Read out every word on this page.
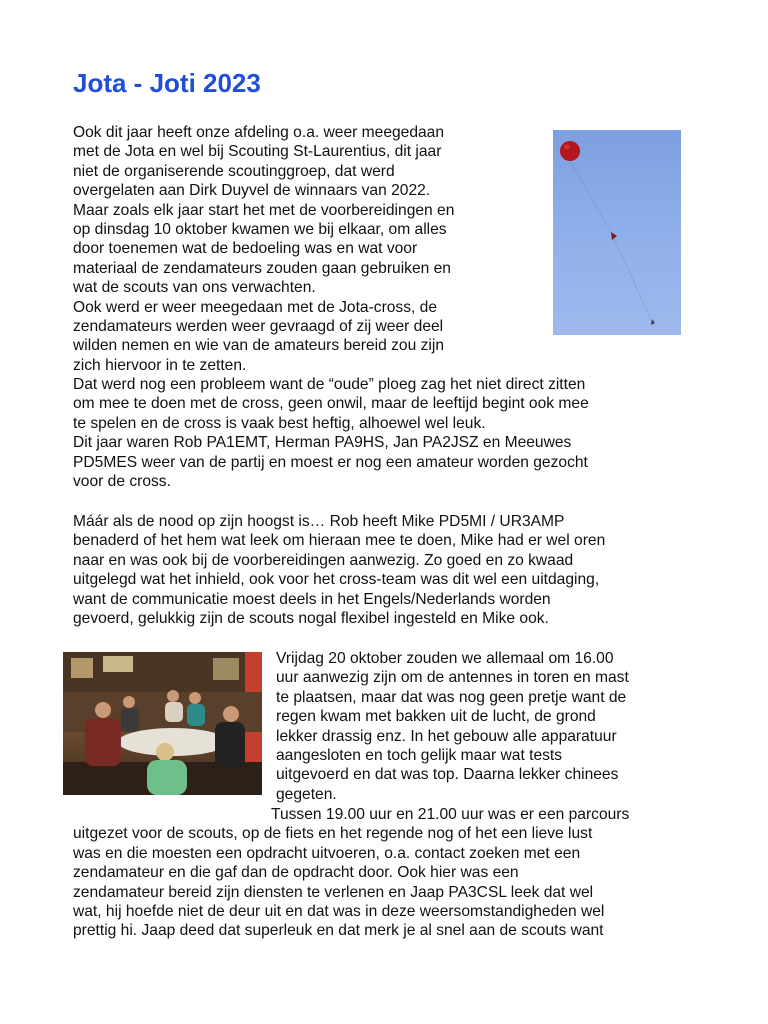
Jota - Joti 2023
Ook dit jaar heeft onze afdeling o.a. weer meegedaan
met de Jota en wel bij Scouting St-Laurentius, dit jaar
niet de organiserende scoutinggroep, dat werd
overgelaten aan Dirk Duyvel de winnaars van 2022.
Maar zoals elk jaar start het met de voorbereidingen en
op dinsdag 10 oktober kwamen we bij elkaar, om alles
door toenemen wat de bedoeling was en wat voor
materiaal de zendamateurs zouden gaan gebruiken en
wat de scouts van ons verwachten.
Ook werd er weer meegedaan met de Jota-cross, de
zendamateurs werden weer gevraagd of zij weer deel
wilden nemen en wie van de amateurs bereid zou zijn
zich hiervoor in te zetten.
Dat werd nog een probleem want de “oude” ploeg zag het niet direct zitten
om mee te doen met de cross, geen onwil, maar de leeftijd begint ook mee
te spelen en de cross is vaak best heftig, alhoewel wel leuk.
Dit jaar waren Rob PA1EMT, Herman PA9HS, Jan PA2JSZ en Meeuwes
PD5MES weer van de partij en moest er nog een amateur worden gezocht
voor de cross.
Máár als de nood op zijn hoogst is… Rob heeft Mike PD5MI / UR3AMP
benaderd of het hem wat leek om hieraan mee te doen, Mike had er wel oren
naar en was ook bij de voorbereidingen aanwezig. Zo goed en zo kwaad
uitgelegd wat het inhield, ook voor het cross-team was dit wel een uitdaging,
want de communicatie moest deels in het Engels/Nederlands worden
gevoerd, gelukkig zijn de scouts nogal flexibel ingesteld en Mike ook.
Vrijdag 20 oktober zouden we allemaal om 16.00
uur aanwezig zijn om de antennes in toren en mast
te plaatsen, maar dat was nog geen pretje want de
regen kwam met bakken uit de lucht, de grond
lekker drassig enz. In het gebouw alle apparatuur
aangesloten en toch gelijk maar wat tests
uitgevoerd en dat was top. Daarna lekker chinees
gegeten.
Tussen 19.00 uur en 21.00 uur was er een parcours
uitgezet voor de scouts, op de fiets en het regende nog of het een lieve lust
was en die moesten een opdracht uitvoeren, o.a. contact zoeken met een
zendamateur en die gaf dan de opdracht door. Ook hier was een
zendamateur bereid zijn diensten te verlenen en Jaap PA3CSL leek dat wel
wat, hij hoefde niet de deur uit en dat was in deze weersomstandigheden wel
prettig hi. Jaap deed dat superleuk en dat merk je al snel aan de scouts want
